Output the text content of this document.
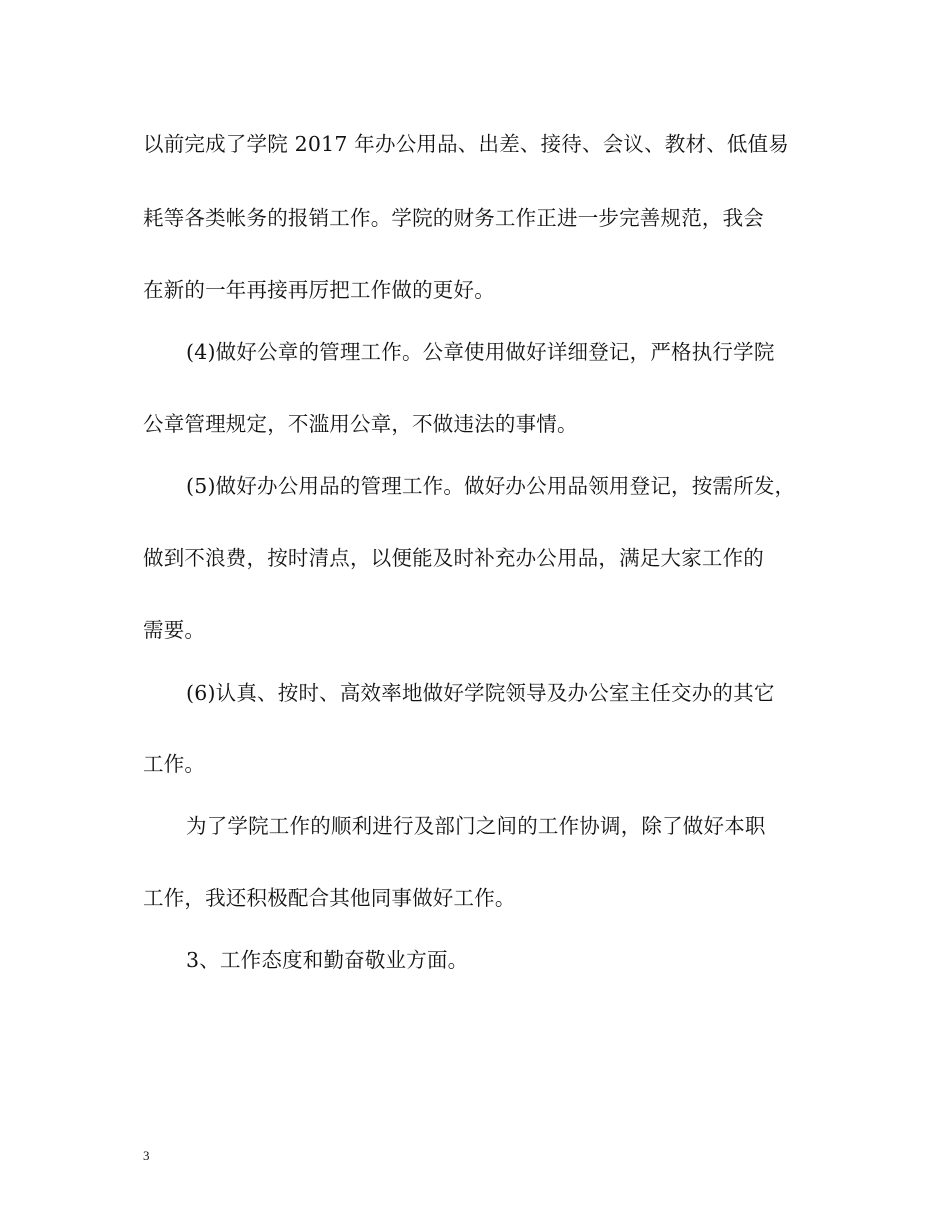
以前完成了学院 2017 年办公用品、出差、接待、会议、教材、低值易
耗等各类帐务的报销工作。学院的财务工作正进一步完善规范，我会
在新的一年再接再厉把工作做的更好。
(4)做好公章的管理工作。公章使用做好详细登记，严格执行学院
公章管理规定，不滥用公章，不做违法的事情。
(5)做好办公用品的管理工作。做好办公用品领用登记，按需所发，
做到不浪费，按时清点，以便能及时补充办公用品，满足大家工作的
需要。
(6)认真、按时、高效率地做好学院领导及办公室主任交办的其它
工作。
为了学院工作的顺利进行及部门之间的工作协调，除了做好本职
工作，我还积极配合其他同事做好工作。
3、工作态度和勤奋敬业方面。
3
